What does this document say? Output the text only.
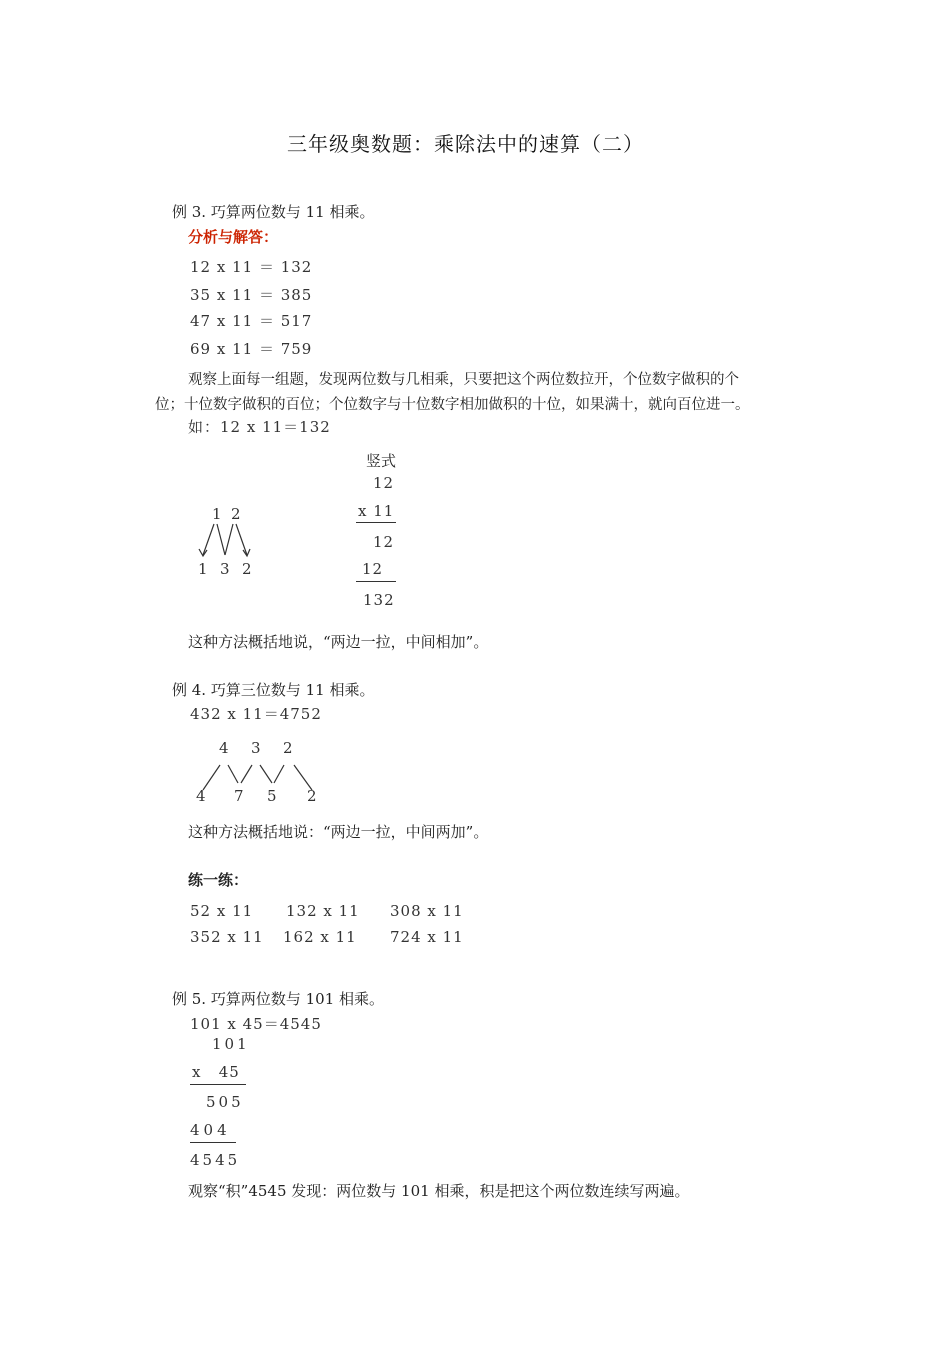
三年级奥数题：乘除法中的速算（二）
例 3. 巧算两位数与 11 相乘。
分析与解答：
12 x 11 ＝ 132
35 x 11 ＝ 385
47 x 11 ＝ 517
69 x 11 ＝ 759
观察上面每一组题，发现两位数与几相乘，只要把这个两位数拉开，个位数字做积的个
位；十位数字做积的百位；个位数字与十位数字相加做积的十位，如果满十，就向百位进一。
如：12 x 11＝132
1 2
1 3 2
竖式
12
x 11
12
12
132
这种方法概括地说，“两边一拉，中间相加”。
例 4. 巧算三位数与 11 相乘。
432 x 11＝4752
4 3 2
4 7 5 2
这种方法概括地说：“两边一拉，中间两加”。
练一练：
52 x 11 132 x 11 308 x 11
352 x 11 162 x 11 724 x 11
例 5. 巧算两位数与 101 相乘。
101 x 45＝4545
101
x   45
505
404
4545
观察“积”4545 发现：两位数与 101 相乘，积是把这个两位数连续写两遍。
